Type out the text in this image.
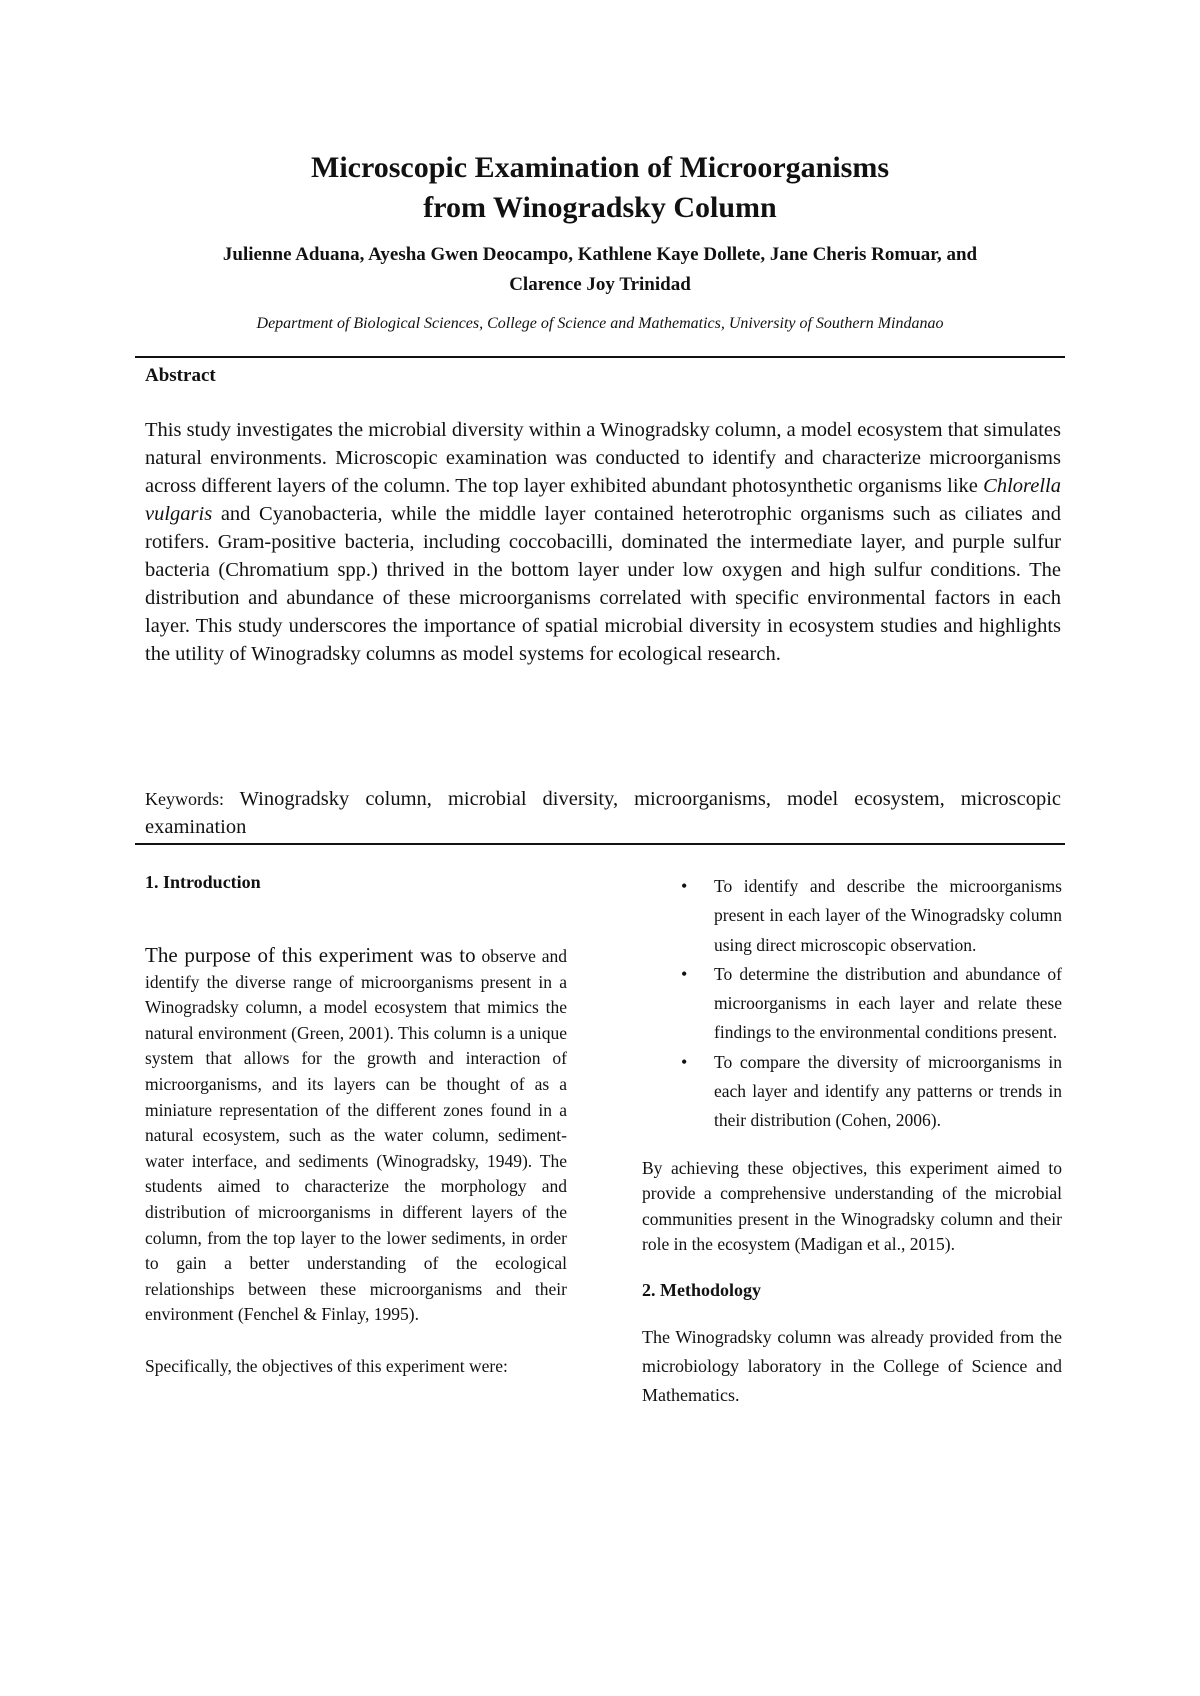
Microscopic Examination of Microorganisms
from Winogradsky Column
Julienne Aduana, Ayesha Gwen Deocampo, Kathlene Kaye Dollete, Jane Cheris Romuar, and
Clarence Joy Trinidad
Department of Biological Sciences, College of Science and Mathematics, University of Southern Mindanao
Abstract
This study investigates the microbial diversity within a Winogradsky column, a model ecosystem that simulates natural environments. Microscopic examination was conducted to identify and characterize microorganisms across different layers of the column. The top layer exhibited abundant photosynthetic organisms like Chlorella vulgaris and Cyanobacteria, while the middle layer contained heterotrophic organisms such as ciliates and rotifers. Gram-positive bacteria, including coccobacilli, dominated the intermediate layer, and purple sulfur bacteria (Chromatium spp.) thrived in the bottom layer under low oxygen and high sulfur conditions. The distribution and abundance of these microorganisms correlated with specific environmental factors in each layer. This study underscores the importance of spatial microbial diversity in ecosystem studies and highlights the utility of Winogradsky columns as model systems for ecological research.
Keywords: Winogradsky column, microbial diversity, microorganisms, model ecosystem, microscopic examination

1. Introduction

The purpose of this experiment was to observe and identify the diverse range of microorganisms present in a Winogradsky column, a model ecosystem that mimics the natural environment (Green, 2001). This column is a unique system that allows for the growth and interaction of microorganisms, and its layers can be thought of as a miniature representation of the different zones found in a natural ecosystem, such as the water column, sediment-water interface, and sediments (Winogradsky, 1949). The students aimed to characterize the morphology and distribution of microorganisms in different layers of the column, from the top layer to the lower sediments, in order to gain a better understanding of the ecological relationships between these microorganisms and their environment (Fenchel & Finlay, 1995).

Specifically, the objectives of this experiment were:

• To identify and describe the microorganisms present in each layer of the Winogradsky column using direct microscopic observation.
• To determine the distribution and abundance of microorganisms in each layer and relate these findings to the environmental conditions present.
• To compare the diversity of microorganisms in each layer and identify any patterns or trends in their distribution (Cohen, 2006).

By achieving these objectives, this experiment aimed to provide a comprehensive understanding of the microbial communities present in the Winogradsky column and their role in the ecosystem (Madigan et al., 2015).

2. Methodology

The Winogradsky column was already provided from the microbiology laboratory in the College of Science and Mathematics.
